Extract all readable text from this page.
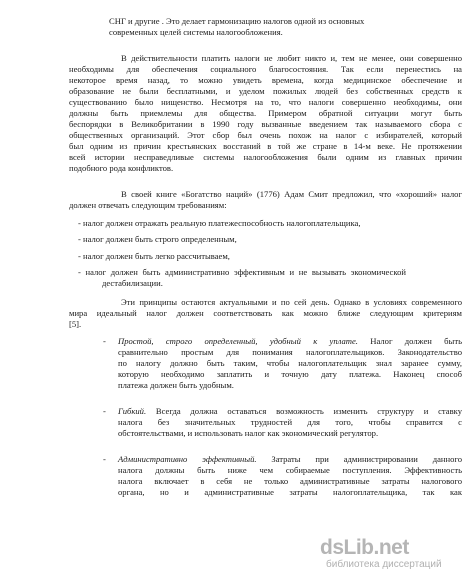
СНГ и другие . Это делает гармонизацию налогов одной из основных
современных целей системы налогообложения.
В действительности платить налоги не любит никто и, тем не менее, они совершенно
необходимы для обеспечения социального благосостояния. Так если перенестись на
некоторое время назад, то можно увидеть времена, когда медицинское обеспечение и
образование не были бесплатными, и уделом пожилых людей без собственных средств к
существованию было нищенство. Несмотря на то, что налоги совершенно необходимы, они
должны быть приемлемы для общества. Примером обратной ситуации могут быть
беспорядки в Великобритании в 1990 году вызванные введением так называемого сбора с
общественных организаций. Этот сбор был очень похож на налог с избирателей, который
был одним из причин крестьянских восстаний в той же стране в 14-м веке. Не протяжении
всей истории несправедливые системы налогообложения были одним из главных причин
подобного рода конфликтов.
В своей книге «Богатство наций» (1776) Адам Смит предложил, что «хороший» налог
должен отвечать следующим требованиям:
- налог должен отражать реальную платежеспособность налогоплательщика,
- налог должен быть строго определенным,
- налог должен быть легко рассчитываем,
- налог должен быть административно эффективным и не вызывать экономической
дестабилизации.
Эти принципы остаются актуальными и по сей день. Однако в условиях современного
мира идеальный налог должен соответствовать как можно ближе следующим критериям
[5].
Простой, строго определенный, удобный к уплате. Налог должен быть
сравнительно простым для понимания налогоплательщиков. Законодательство
по налогу должно быть таким, чтобы налогоплательщик знал заранее сумму,
которую необходимо заплатить и точную дату платежа. Наконец способ
платежа должен быть удобным.
Гибкий. Всегда должна оставаться возможность изменить структуру и ставку
налога без значительных трудностей для того, чтобы справится с
обстоятельствами, и использовать налог как экономический регулятор.
Административно эффективный. Затраты при администрировании данного
налога должны быть ниже чем собираемые поступления. Эффективность
налога включает в себя не только административные затраты налогового
органа, но и административные затраты налогоплательщика, так как
-
-
-
dsLib.net
библиотека диссертаций
